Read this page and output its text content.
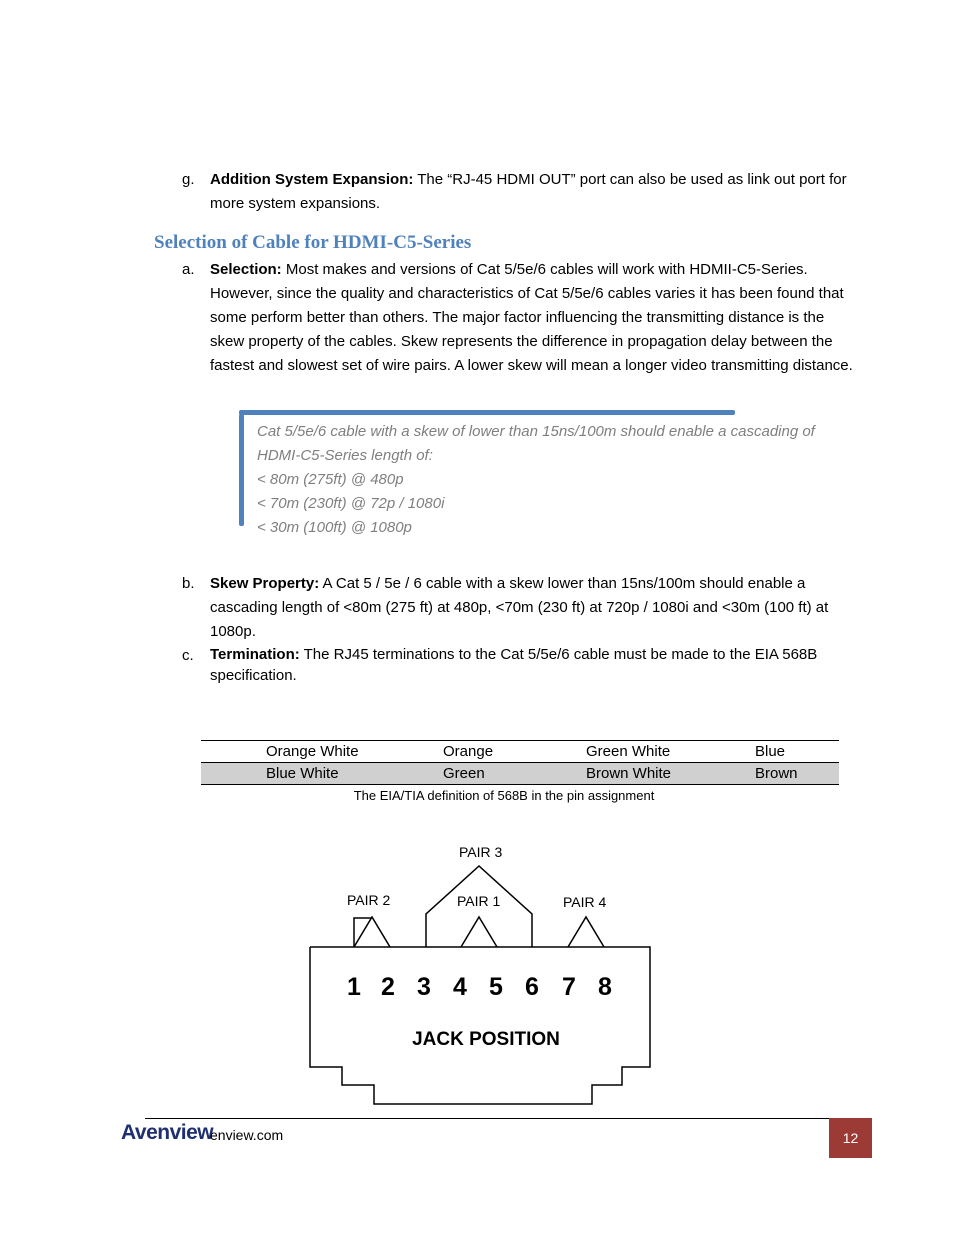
g. Addition System Expansion: The “RJ-45 HDMI OUT” port can also be used as link out port for more system expansions.
Selection of Cable for HDMI-C5-Series
a. Selection: Most makes and versions of Cat 5/5e/6 cables will work with HDMII-C5-Series. However, since the quality and characteristics of Cat 5/5e/6 cables varies it has been found that some perform better than others. The major factor influencing the transmitting distance is the skew property of the cables. Skew represents the difference in propagation delay between the fastest and slowest set of wire pairs. A lower skew will mean a longer video transmitting distance.
Cat 5/5e/6 cable with a skew of lower than 15ns/100m should enable a cascading of HDMI-C5-Series length of:
< 80m (275ft) @ 480p
< 70m (230ft) @ 72p / 1080i
< 30m (100ft) @ 1080p
b. Skew Property: A Cat 5 / 5e / 6 cable with a skew lower than 15ns/100m should enable a cascading length of <80m (275 ft) at 480p, <70m (230 ft) at 720p / 1080i and <30m (100 ft) at 1080p.
c. Termination: The RJ45 terminations to the Cat 5/5e/6 cable must be made to the EIA 568B specification.
Orange White	Orange	Green White	Blue
Blue White	Green	Brown White	Brown
The EIA/TIA definition of 568B in the pin assignment
PAIR 3
PAIR 2	PAIR 1	PAIR 4
1 2 3 4 5 6 7 8
JACK POSITION
Avenview
enview.com	12
